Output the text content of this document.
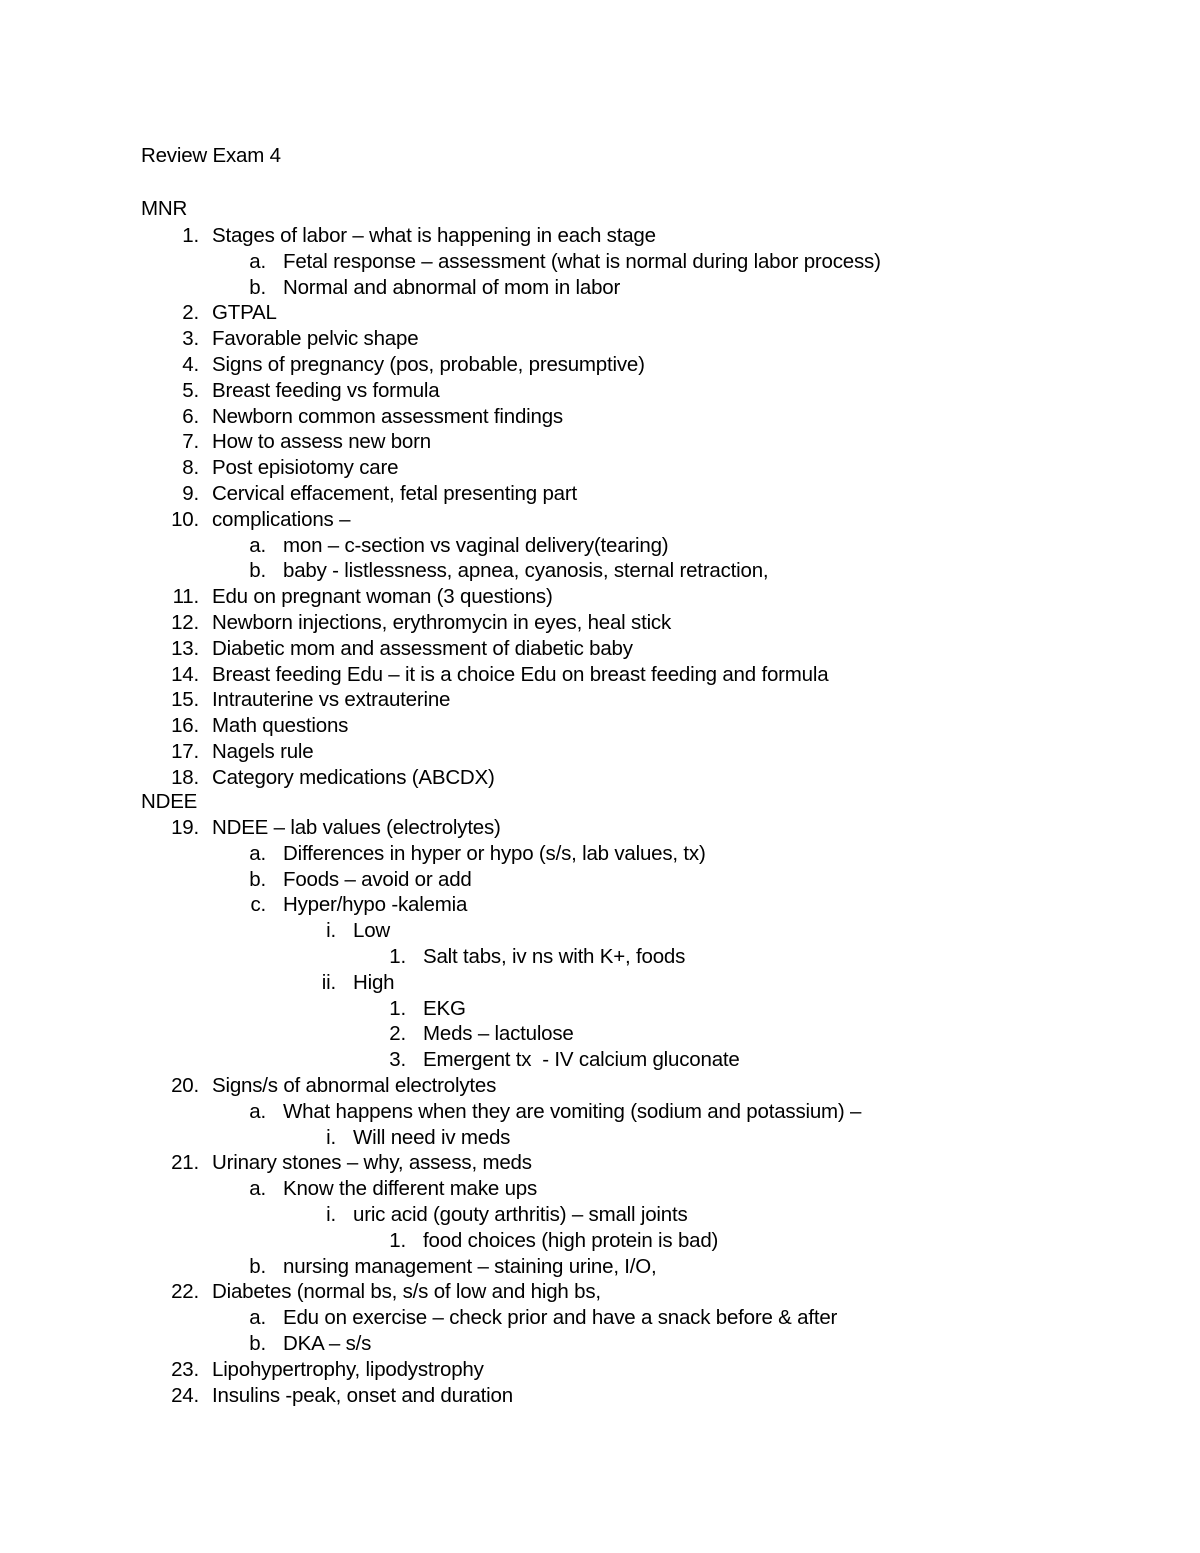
Review Exam 4
MNR
1. Stages of labor – what is happening in each stage
a. Fetal response – assessment (what is normal during labor process)
b. Normal and abnormal of mom in labor
2. GTPAL
3. Favorable pelvic shape
4. Signs of pregnancy (pos, probable, presumptive)
5. Breast feeding vs formula
6. Newborn common assessment findings
7. How to assess new born
8. Post episiotomy care
9. Cervical effacement, fetal presenting part
10. complications –
a. mon – c-section vs vaginal delivery(tearing)
b. baby - listlessness, apnea, cyanosis, sternal retraction,
11. Edu on pregnant woman (3 questions)
12. Newborn injections, erythromycin in eyes, heal stick
13. Diabetic mom and assessment of diabetic baby
14. Breast feeding Edu – it is a choice Edu on breast feeding and formula
15. Intrauterine vs extrauterine
16. Math questions
17. Nagels rule
18. Category medications (ABCDX)
NDEE
19. NDEE – lab values (electrolytes)
a. Differences in hyper or hypo (s/s, lab values, tx)
b. Foods – avoid or add
c. Hyper/hypo -kalemia
i. Low
1. Salt tabs, iv ns with K+, foods
ii. High
1. EKG
2. Meds – lactulose
3. Emergent tx  - IV calcium gluconate
20. Signs/s of abnormal electrolytes
a. What happens when they are vomiting (sodium and potassium) –
i. Will need iv meds
21. Urinary stones – why, assess, meds
a. Know the different make ups
i. uric acid (gouty arthritis) – small joints
1. food choices (high protein is bad)
b. nursing management – staining urine, I/O,
22. Diabetes (normal bs, s/s of low and high bs,
a. Edu on exercise – check prior and have a snack before & after
b. DKA – s/s
23. Lipohypertrophy, lipodystrophy
24. Insulins -peak, onset and duration
